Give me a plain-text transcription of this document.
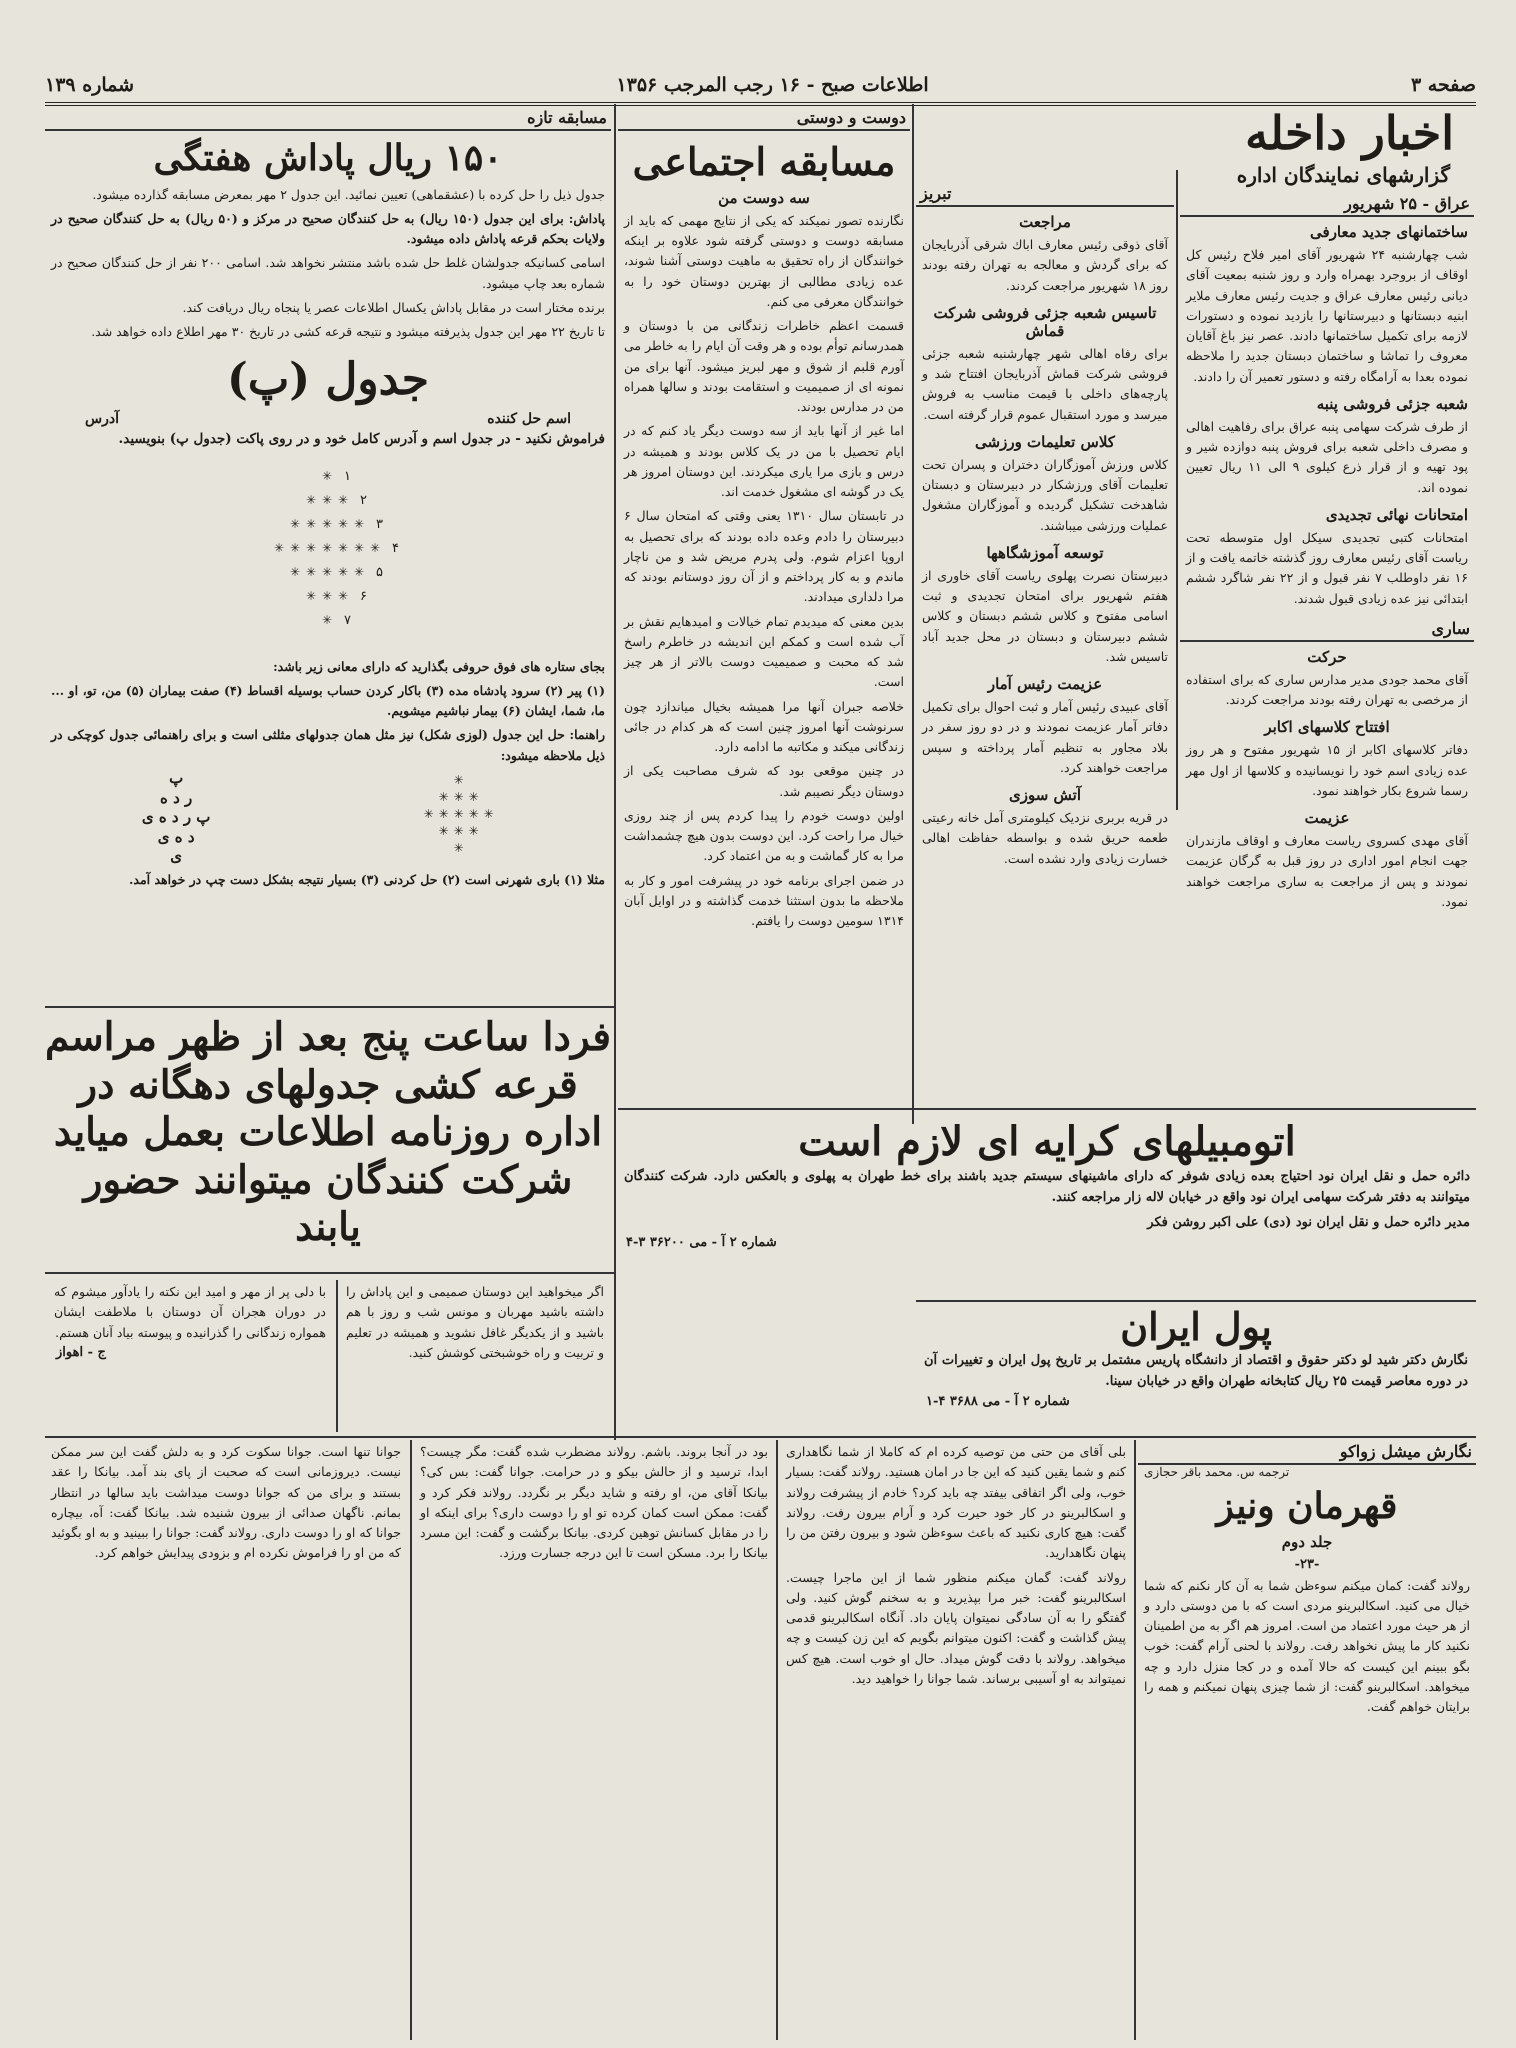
صفحه ۳
اطلاعات صبح - ۱۶ رجب المرجب ۱۳۵۶
شماره ۱۳۹
اخبار داخله
گزارشهای نمایندگان اداره
عراق - ۲۵ شهریور
ساختمانهای جدید معارفی
شب چهارشنبه ۲۴ شهریور آقای امیر فلاح رئیس کل اوقاف از بروجرد بهمراه وارد و روز شنبه بمعیت آقای دیانی رئیس معارف عراق و جدیت رئیس معارف ملایر ابنیه دبستانها و دبیرستانها را بازدید نموده و دستورات لازمه برای تکمیل ساختمانها دادند. عصر نیز باغ آقایان معروف را تماشا و ساختمان دبستان جدید را ملاحظه نموده بعدا به آرامگاه رفته و دستور تعمیر آن را دادند.
شعبه جزئی فروشی پنبه
از طرف شرکت سهامی پنبه عراق برای رفاهیت اهالی و مصرف داخلی شعبه برای فروش پنبه دوازده شیر و پود تهیه و از قرار ذرع کیلوی ۹ الی ۱۱ ریال تعیین نموده اند.
امتحانات نهائی تجدیدی
امتحانات کتبی تجدیدی سیکل اول متوسطه تحت ریاست آقای رئیس معارف روز گذشته خاتمه یافت و از ۱۶ نفر داوطلب ۷ نفر قبول و از ۲۲ نفر شاگرد ششم ابتدائی نیز عده زیادی قبول شدند.
ساری
حرکت
آقای محمد جودی مدیر مدارس ساری که برای استفاده از مرخصی به تهران رفته بودند مراجعت کردند.
افتتاح کلاسهای اکابر
دفاتر کلاسهای اکابر از ۱۵ شهریور مفتوح و هر روز عده زیادی اسم خود را نویسانیده و کلاسها از اول مهر رسما شروع بکار خواهند نمود.
عزیمت
آقای مهدی کسروی ریاست معارف و اوقاف مازندران جهت انجام امور اداری در روز قبل به گرگان عزیمت نمودند و پس از مراجعت به ساری مراجعت خواهند نمود.
تبریز
مراجعت
آقای ذوقی رئیس معارف اباك شرقی آذربایجان که برای گردش و معالجه به تهران رفته بودند روز ۱۸ شهریور مراجعت کردند.
تاسیس شعبه جزئی فروشی شرکت قماش
برای رفاه اهالی شهر چهارشنبه شعبه جزئی فروشی شرکت قماش آذربایجان افتتاح شد و پارچه‌های داخلی با قیمت مناسب به فروش میرسد و مورد استقبال عموم قرار گرفته است.
کلاس تعلیمات ورزشی
کلاس ورزش آموزگاران دختران و پسران تحت تعلیمات آقای ورزشکار در دبیرستان و دبستان شاهدخت تشکیل گردیده و آموزگاران مشغول عملیات ورزشی میباشند.
توسعه آموزشگاهها
دبیرستان نصرت پهلوی ریاست آقای خاوری از هفتم شهریور برای امتحان تجدیدی و ثبت اسامی مفتوح و کلاس ششم دبستان و کلاس ششم دبیرستان و دبستان در محل جدید آباد تاسیس شد.
عزیمت رئیس آمار
آقای عبیدی رئیس آمار و ثبت احوال برای تکمیل دفاتر آمار عزیمت نمودند و در دو روز سفر در بلاد مجاور به تنظیم آمار پرداخته و سپس مراجعت خواهند کرد.
آتش سوزی
در قریه بربری نزدیک کیلومتری آمل خانه رعیتی طعمه حریق شده و بواسطه حفاظت اهالی خسارت زیادی وارد نشده است.
دوست و دوستی
مسابقه اجتماعی
سه دوست من
نگارنده تصور نمیکند که یکی از نتایج مهمی که باید از مسابقه دوست و دوستی گرفته شود علاوه بر اینکه خوانندگان از راه تحقیق به ماهیت دوستی آشنا شوند، عده زیادی مطالبی از بهترین دوستان خود را به خوانندگان معرفی می کنم.
قسمت اعظم خاطرات زندگانی من با دوستان و همدرسانم توأم بوده و هر وقت آن ایام را به خاطر می آورم قلبم از شوق و مهر لبریز میشود. آنها برای من نمونه ای از صمیمیت و استقامت بودند و سالها همراه من در مدارس بودند.
اما غیر از آنها باید از سه دوست دیگر یاد کنم که در ایام تحصیل با من در یک کلاس بودند و همیشه در درس و بازی مرا یاری میکردند. این دوستان امروز هر یک در گوشه ای مشغول خدمت اند.
در تابستان سال ۱۳۱۰ یعنی وقتی که امتحان سال ۶ دبیرستان را دادم وعده داده بودند که برای تحصیل به اروپا اعزام شوم. ولی پدرم مریض شد و من ناچار ماندم و به کار پرداختم و از آن روز دوستانم بودند که مرا دلداری میدادند.
بدین معنی که میدیدم تمام خیالات و امیدهایم نقش بر آب شده است و کمکم این اندیشه در خاطرم راسخ شد که محبت و صمیمیت دوست بالاتر از هر چیز است.
خلاصه جبران آنها مرا همیشه بخیال میاندازد چون سرنوشت آنها امروز چنین است که هر کدام در جائی زندگانی میکند و مکاتبه ما ادامه دارد.
در چنین موقعی بود که شرف مصاحبت یکی از دوستان دیگر نصیبم شد.
اولین دوست خودم را پیدا کردم پس از چند روزی خیال مرا راحت کرد. این دوست بدون هیچ چشمداشت مرا به کار گماشت و به من اعتماد کرد.
در ضمن اجرای برنامه خود در پیشرفت امور و کار به ملاحظه ما بدون استثنا خدمت گذاشته و در اوایل آبان ۱۳۱۴ سومین دوست را یافتم.
مسابقه تازه
۱۵۰ ریال پاداش هفتگی
جدول ذیل را حل کرده با (عشقماهی) تعیین نمائید. این جدول ۲ مهر بمعرض مسابقه گذارده میشود.
پاداش: برای این جدول (۱۵۰ ریال) به حل کنندگان صحیح در مرکز و (۵۰ ریال) به حل کنندگان صحیح در ولایات بحکم قرعه پاداش داده میشود.
اسامی کسانیکه جدولشان غلط حل شده باشد منتشر نخواهد شد. اسامی ۲۰۰ نفر از حل کنندگان صحیح در شماره بعد چاپ میشود.
برنده مختار است در مقابل پاداش یکسال اطلاعات عصر یا پنجاه ریال دریافت کند.
تا تاریخ ۲۲ مهر این جدول پذیرفته میشود و نتیجه قرعه کشی در تاریخ ۳۰ مهر اطلاع داده خواهد شد.
جدول (پ)
اسم حل کننده
آدرس
فراموش نکنید - در جدول اسم و آدرس کامل خود و در روی پاکت (جدول پ) بنویسید.
✳
✳ ✳ ✳
✳ ✳ ✳ ✳ ✳
✳ ✳ ✳ ✳ ✳ ✳ ✳
✳ ✳ ✳ ✳ ✳
✳ ✳ ✳
✳
۱
۲
۳
۴
۵
۶
۷
بجای ستاره های فوق حروفی بگذارید که دارای معانی زیر باشد:
(۱) پیر (۲) سرود پادشاه مده (۳) باکار کردن حساب بوسیله اقساط (۴) صفت بیماران (۵) من، تو، او ... ما، شما، ایشان (۶) بیمار نباشیم میشویم.
راهنما: حل این جدول (لوزی شکل) نیز مثل همان جدولهای مثلثی است و برای راهنمائی جدول کوچکی در ذیل ملاحظه میشود:
✳
✳ ✳ ✳
✳ ✳ ✳ ✳ ✳
✳ ✳ ✳
✳
پ
ر د ه
پ ر د ه ی
د ه ی
ی
مثلا (۱) باری شهرنی است (۲) حل کردنی (۳) بسیار نتیجه بشکل دست چپ در خواهد آمد.
فردا ساعت پنج بعد از ظهر مراسم
قرعه کشی جدولهای دهگانه در
اداره روزنامه اطلاعات بعمل میاید
شرکت کنندگان میتوانند حضور یابند
اگر میخواهید این دوستان صمیمی و این پاداش را داشته باشید مهربان و مونس شب و روز با هم باشید و از یکدیگر غافل نشوید و همیشه در تعلیم و تربیت و راه خوشبختی کوشش کنید.
با دلی پر از مهر و امید این نکته را یادآور میشوم که در دوران هجران آن دوستان با ملاطفت ایشان همواره زندگانی را گذرانیده و پیوسته بیاد آنان هستم.
ج - اهواز
اتومبیلهای کرایه ای لازم است
دائره حمل و نقل ایران نود احتیاج بعده زیادی شوفر که دارای ماشینهای سیستم جدید باشند برای خط طهران به پهلوی و بالعکس دارد. شرکت کنندگان میتوانند به دفتر شرکت سهامی ایران نود واقع در خیابان لاله زار مراجعه کنند.
مدیر دائره حمل و نقل ایران نود (دی) علی اکبر روشن فکر
شماره ۲ آ - می ۳۶۲۰۰ ۳-۴
پول ایران
نگارش دکتر شید لو دکتر حقوق و اقتصاد از دانشگاه پاریس مشتمل بر تاریخ پول ایران و تغییرات آن در دوره معاصر قیمت ۲۵ ریال کتابخانه طهران واقع در خیابان سینا.
شماره ۲ آ - می ۳۶۸۸ ۴-۱
نگارش میشل زواکو
ترجمه س. محمد باقر حجازی
قهرمان ونیز
جلد دوم
-۲۳-
رولاند گفت: کمان میکنم سوءظن شما به آن کار نکنم که شما خیال می کنید. اسکالبرینو مردی است که با من دوستی دارد و از هر حیث مورد اعتماد من است. امروز هم اگر به من اطمینان نکنید کار ما پیش نخواهد رفت. رولاند با لحنی آرام گفت: خوب بگو ببینم این کیست که حالا آمده و در کجا منزل دارد و چه میخواهد. اسکالبرینو گفت: از شما چیزی پنهان نمیکنم و همه را برایتان خواهم گفت.
بلی آقای من حتی من توصیه کرده ام که کاملا از شما نگاهداری کنم و شما یقین کنید که این جا در امان هستید. رولاند گفت: بسیار خوب، ولی اگر اتفاقی بیفتد چه باید کرد؟ خادم از پیشرفت رولاند و اسکالبرینو در کار خود حیرت کرد و آرام بیرون رفت. رولاند گفت: هیچ کاری نکنید که باعث سوءظن شود و بیرون رفتن من را پنهان نگاهدارید.
رولاند گفت: گمان میکنم منظور شما از این ماجرا چیست. اسکالبرینو گفت: خبر مرا بپذیرید و به سخنم گوش کنید. ولی گفتگو را به آن سادگی نمیتوان پایان داد. آنگاه اسکالبرینو قدمی پیش گذاشت و گفت: اکنون میتوانم بگویم که این زن کیست و چه میخواهد. رولاند با دقت گوش میداد. حال او خوب است. هیچ کس نمیتواند به او آسیبی برساند. شما جوانا را خواهید دید.
بود در آنجا بروند. باشم. رولاند مضطرب شده گفت: مگر چیست؟ ابدا، ترسید و از حالش بیکو و در حرامت. جوانا گفت: بس کی؟ بیانکا آقای من، او رفته و شاید دیگر بر نگردد. رولاند فکر کرد و گفت: ممکن است کمان کرده تو او را دوست داری؟ برای اینکه او را در مقابل کسانش توهین کردی. بیانکا برگشت و گفت: این مسرد بیانکا را برد. مسکن است تا این درجه جسارت ورزد.
جوانا تنها است. جوانا سکوت کرد و به دلش گفت این سر ممکن نیست. دیروزمانی است که صحبت از پای بند آمد. بیانکا را عقد بستند و برای من که جوانا دوست میداشت باید سالها در انتظار بمانم. ناگهان صدائی از بیرون شنیده شد. بیانکا گفت: آه، بیچاره جوانا که او را دوست داری. رولاند گفت: جوانا را ببینید و به او بگوئید که من او را فراموش نکرده ام و بزودی پیدایش خواهم کرد.
